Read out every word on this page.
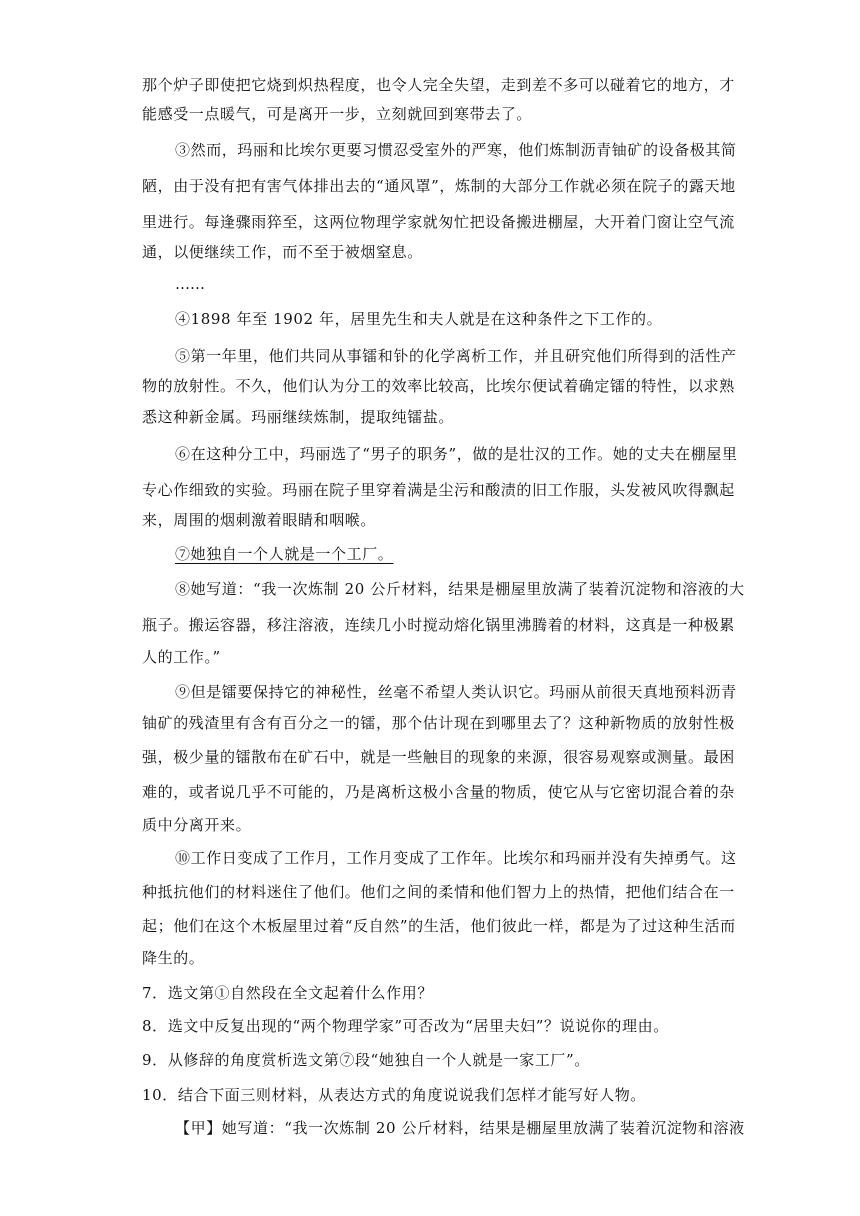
那个炉子即使把它烧到炽热程度，也令人完全失望，走到差不多可以碰着它的地方，才
能感受一点暖气，可是离开一步，立刻就回到寒带去了。
③然而，玛丽和比埃尔更要习惯忍受室外的严寒，他们炼制沥青铀矿的设备极其简
陋，由于没有把有害气体排出去的“通风罩”，炼制的大部分工作就必须在院子的露天地
里进行。每逢骤雨猝至，这两位物理学家就匆忙把设备搬进棚屋，大开着门窗让空气流
通，以便继续工作，而不至于被烟窒息。
……
④1898 年至 1902 年，居里先生和夫人就是在这种条件之下工作的。
⑤第一年里，他们共同从事镭和钋的化学离析工作，并且研究他们所得到的活性产
物的放射性。不久，他们认为分工的效率比较高，比埃尔便试着确定镭的特性，以求熟
悉这种新金属。玛丽继续炼制，提取纯镭盐。
⑥在这种分工中，玛丽选了“男子的职务”，做的是壮汉的工作。她的丈夫在棚屋里
专心作细致的实验。玛丽在院子里穿着满是尘污和酸渍的旧工作服，头发被风吹得飘起
来，周围的烟刺激着眼睛和咽喉。
⑦她独自一个人就是一个工厂。
⑧她写道：“我一次炼制 20 公斤材料，结果是棚屋里放满了装着沉淀物和溶液的大
瓶子。搬运容器，移注溶液，连续几小时搅动熔化锅里沸腾着的材料，这真是一种极累
人的工作。”
⑨但是镭要保持它的神秘性，丝毫不希望人类认识它。玛丽从前很天真地预料沥青
铀矿的残渣里有含有百分之一的镭，那个估计现在到哪里去了？这种新物质的放射性极
强，极少量的镭散布在矿石中，就是一些触目的现象的来源，很容易观察或测量。最困
难的，或者说几乎不可能的，乃是离析这极小含量的物质，使它从与它密切混合着的杂
质中分离开来。
⑩工作日变成了工作月，工作月变成了工作年。比埃尔和玛丽并没有失掉勇气。这
种抵抗他们的材料迷住了他们。他们之间的柔情和他们智力上的热情，把他们结合在一
起；他们在这个木板屋里过着“反自然”的生活，他们彼此一样，都是为了过这种生活而
降生的。
7．选文第①自然段在全文起着什么作用？
8．选文中反复出现的“两个物理学家”可否改为“居里夫妇”？说说你的理由。
9．从修辞的角度赏析选文第⑦段“她独自一个人就是一家工厂”。
10．结合下面三则材料，从表达方式的角度说说我们怎样才能写好人物。
【甲】她写道：“我一次炼制 20 公斤材料，结果是棚屋里放满了装着沉淀物和溶液
